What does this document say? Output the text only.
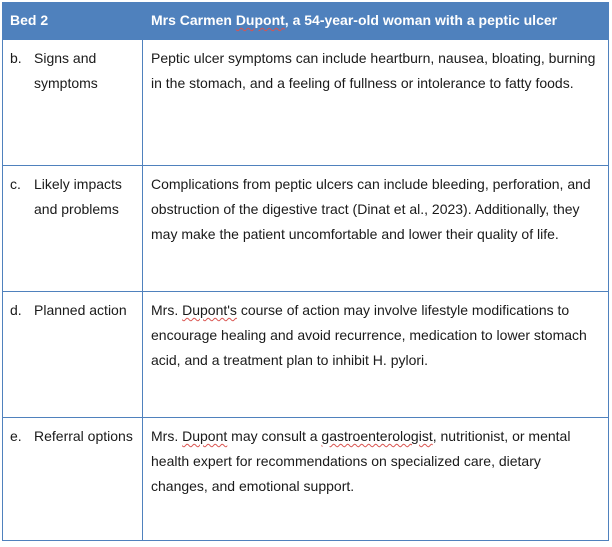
Bed 2	Mrs Carmen Dupont, a 54-year-old woman with a peptic ulcer

b. Signs and symptoms	Peptic ulcer symptoms can include heartburn, nausea, bloating, burning in the stomach, and a feeling of fullness or intolerance to fatty foods.

c. Likely impacts and problems	Complications from peptic ulcers can include bleeding, perforation, and obstruction of the digestive tract (Dinat et al., 2023). Additionally, they may make the patient uncomfortable and lower their quality of life.

d. Planned action	Mrs. Dupont's course of action may involve lifestyle modifications to encourage healing and avoid recurrence, medication to lower stomach acid, and a treatment plan to inhibit H. pylori.

e. Referral options	Mrs. Dupont may consult a gastroenterologist, nutritionist, or mental health expert for recommendations on specialized care, dietary changes, and emotional support.
